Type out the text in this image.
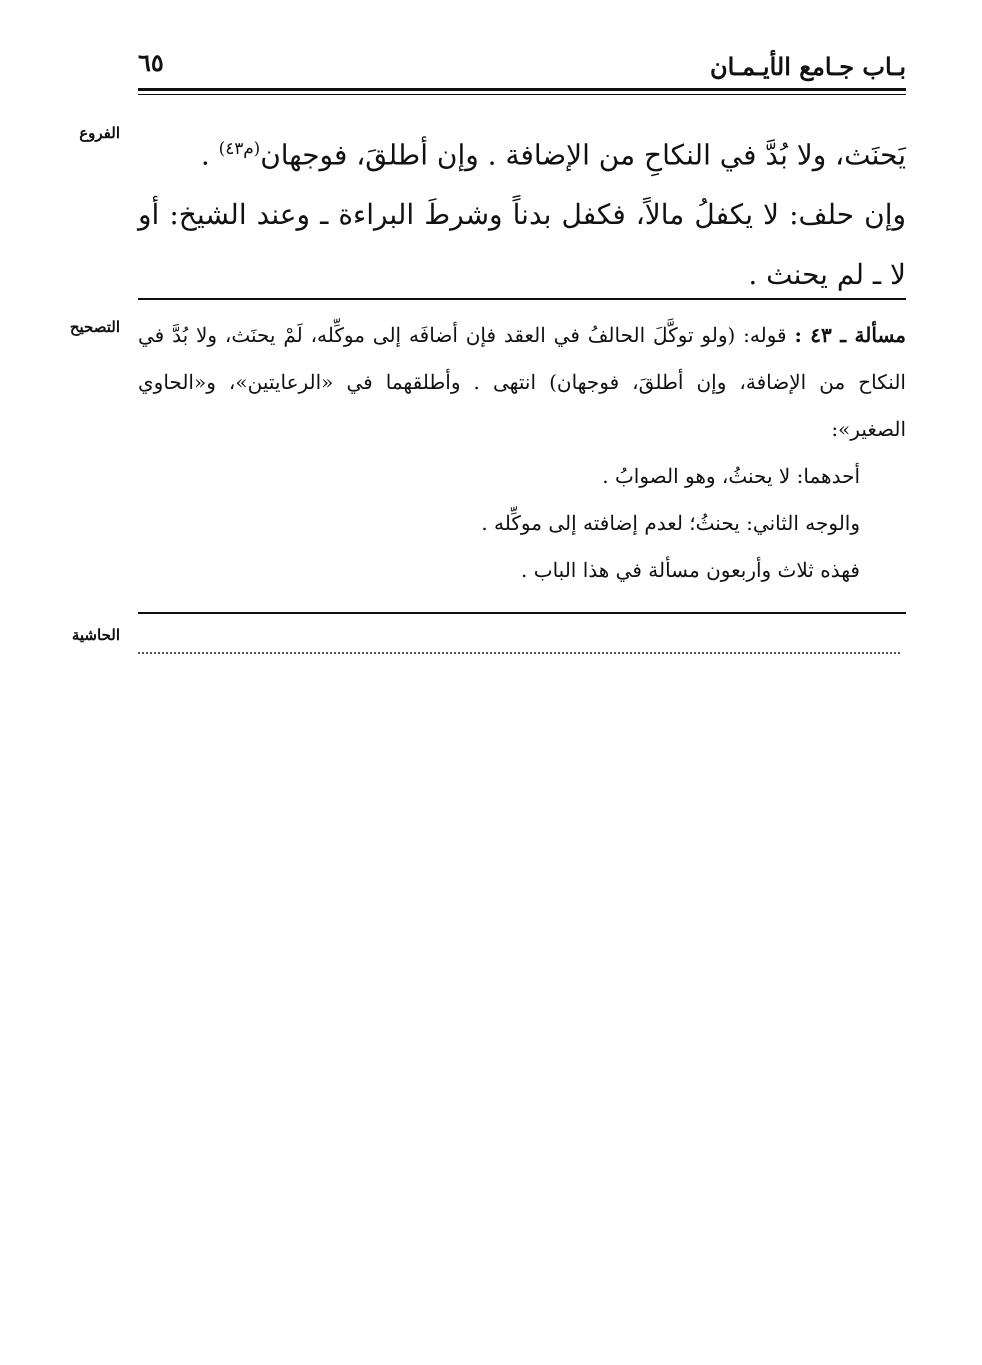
٦٥	بـاب جـامع الأيـمـان
الفروع

يَحنَث، ولا بُدَّ في النكاحِ من الإضافة . وإن أطلقَ، فوجهان$^{(م٤٣)}$ .

وإن حلف: لا يكفلُ مالاً، فكفل بدناً وشرطَ البراءة ـ وعند الشيخ: أو لا ـ لم يحنث .

التصحيح	مسألة ـ ٤٣ : قوله: (ولو توكَّلَ الحالفُ في العقد فإن أضافَه إلى موكِّله، لَمْ يحنَث، ولا بُدَّ في النكاح من الإضافة، وإن أطلقَ، فوجهان) انتهى . وأطلقهما في «الرعايتين»، و«الحاوي الصغير»:

أحدهما: لا يحنثُ، وهو الصوابُ .

والوجه الثاني: يحنثُ؛ لعدم إضافته إلى موكِّله .

فهذه ثلاث وأربعون مسألة في هذا الباب .

الحاشية
